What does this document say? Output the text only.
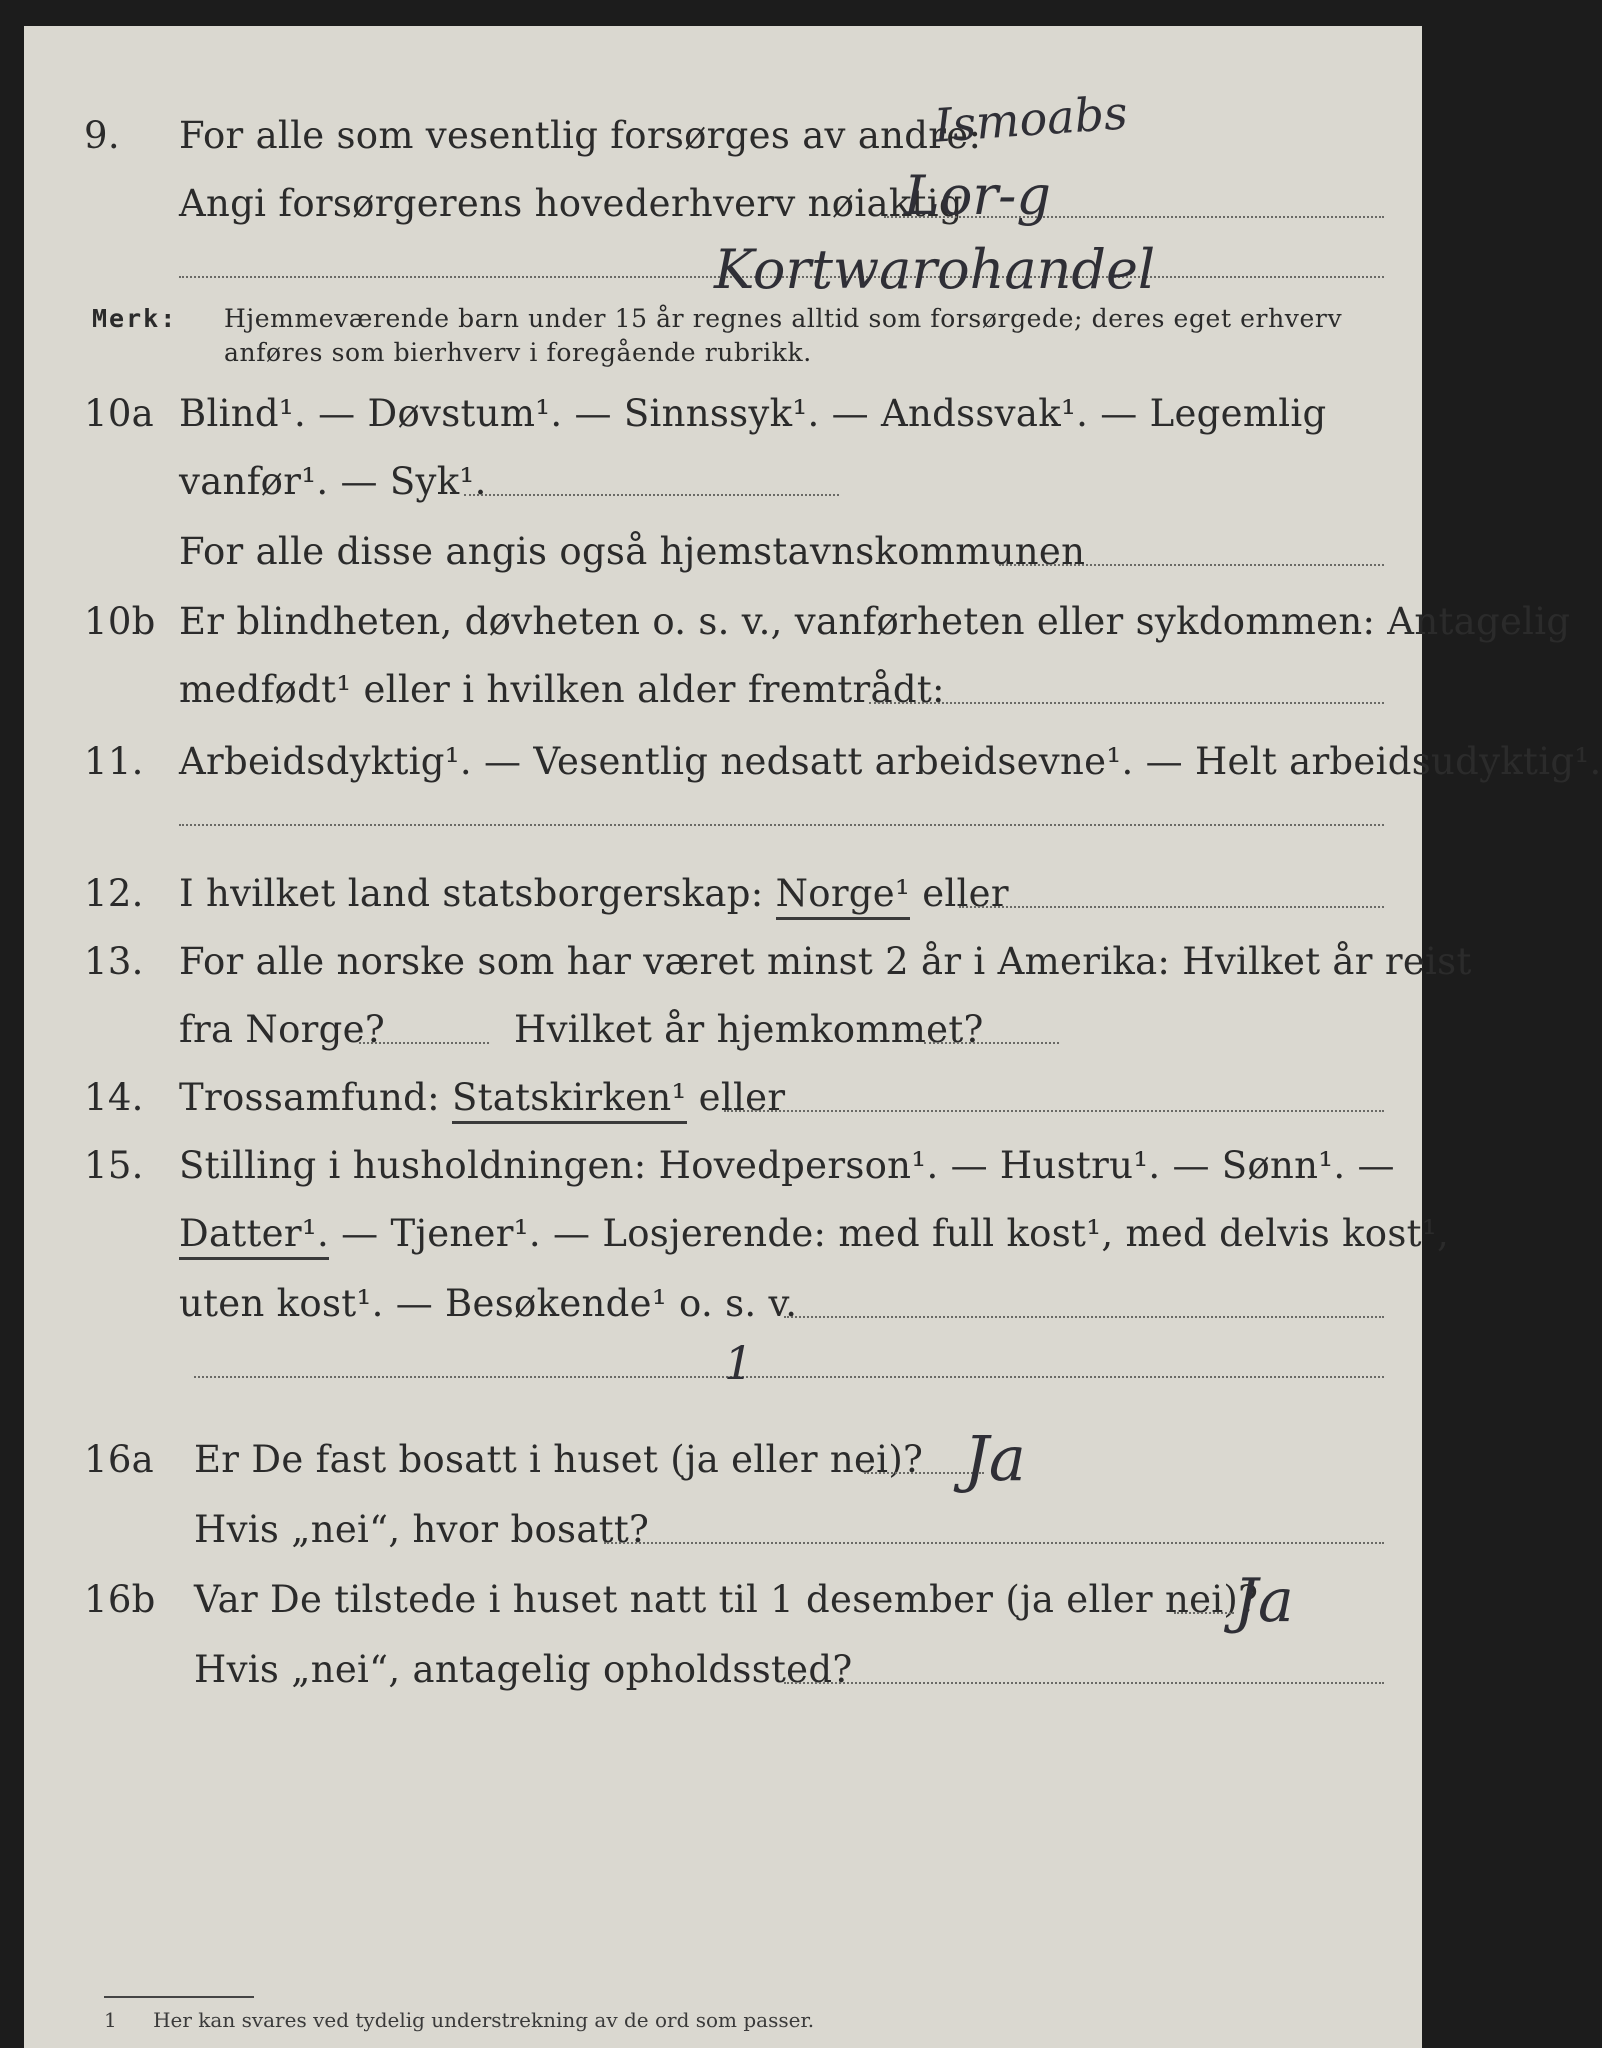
9. For alle som vesentlig forsørges av andre:
Ismoabs
Angi forsørgerens hovederhverv nøiaktig
Lor-g
Kortwarohandel
Merk: Hjemmeværende barn under 15 år regnes alltid som forsørgede; deres eget erhverv
anføres som bierhverv i foregående rubrikk.
10a Blind¹. — Døvstum¹. — Sinnssyk¹. — Andssvak¹. — Legemlig
vanfør¹. — Syk¹.
For alle disse angis også hjemstavnskommunen
10b Er blindheten, døvheten o. s. v., vanførheten eller sykdommen: Antagelig
medfødt¹ eller i hvilken alder fremtrådt:
11. Arbeidsdyktig¹. — Vesentlig nedsatt arbeidsevne¹. — Helt arbeidsudyktig¹.
12. I hvilket land statsborgerskap: Norge¹ eller
13. For alle norske som har været minst 2 år i Amerika: Hvilket år reist
fra Norge?	Hvilket år hjemkommet?
14. Trossamfund: Statskirken¹ eller
15. Stilling i husholdningen: Hovedperson¹. — Hustru¹. — Sønn¹. —
Datter¹. — Tjener¹. — Losjerende: med full kost¹, med delvis kost¹,
uten kost¹. — Besøkende¹ o. s. v.
1
16a Er De fast bosatt i huset (ja eller nei)? Ja
Hvis „nei“, hvor bosatt?
16b Var De tilstede i huset natt til 1 desember (ja eller nei)?
Ja
Hvis „nei“, antagelig opholdssted?
1 Her kan svares ved tydelig understrekning av de ord som passer.
